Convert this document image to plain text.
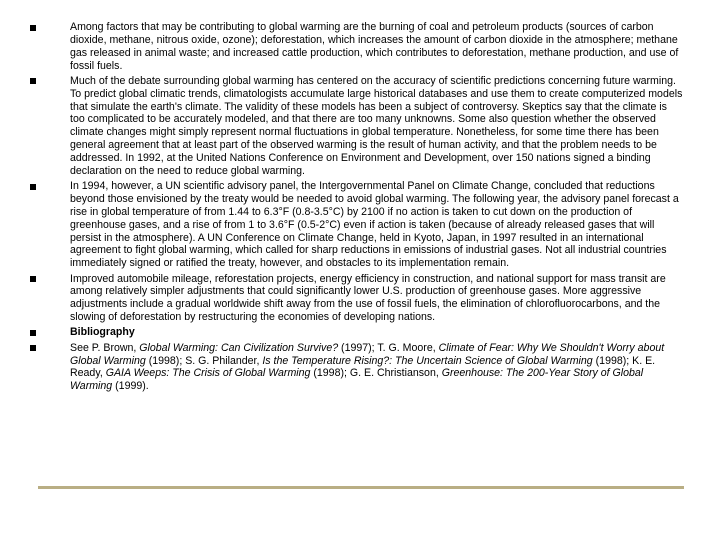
Among factors that may be contributing to global warming are the burning of coal and petroleum products (sources of carbon dioxide, methane, nitrous oxide, ozone); deforestation, which increases the amount of carbon dioxide in the atmosphere; methane gas released in animal waste; and increased cattle production, which contributes to deforestation, methane production, and use of fossil fuels.
Much of the debate surrounding global warming has centered on the accuracy of scientific predictions concerning future warming. To predict global climatic trends, climatologists accumulate large historical databases and use them to create computerized models that simulate the earth's climate. The validity of these models has been a subject of controversy. Skeptics say that the climate is too complicated to be accurately modeled, and that there are too many unknowns. Some also question whether the observed climate changes might simply represent normal fluctuations in global temperature. Nonetheless, for some time there has been general agreement that at least part of the observed warming is the result of human activity, and that the problem needs to be addressed. In 1992, at the United Nations Conference on Environment and Development, over 150 nations signed a binding declaration on the need to reduce global warming.
In 1994, however, a UN scientific advisory panel, the Intergovernmental Panel on Climate Change, concluded that reductions beyond those envisioned by the treaty would be needed to avoid global warming. The following year, the advisory panel forecast a rise in global temperature of from 1.44 to 6.3°F (0.8-3.5°C) by 2100 if no action is taken to cut down on the production of greenhouse gases, and a rise of from 1 to 3.6°F (0.5-2°C) even if action is taken (because of already released gases that will persist in the atmosphere). A UN Conference on Climate Change, held in Kyoto, Japan, in 1997 resulted in an international agreement to fight global warming, which called for sharp reductions in emissions of industrial gases. Not all industrial countries immediately signed or ratified the treaty, however, and obstacles to its implementation remain.
Improved automobile mileage, reforestation projects, energy efficiency in construction, and national support for mass transit are among relatively simpler adjustments that could significantly lower U.S. production of greenhouse gases. More aggressive adjustments include a gradual worldwide shift away from the use of fossil fuels, the elimination of chlorofluorocarbons, and the slowing of deforestation by restructuring the economies of developing nations.
Bibliography
See P. Brown, Global Warming: Can Civilization Survive? (1997); T. G. Moore, Climate of Fear: Why We Shouldn't Worry about Global Warming (1998); S. G. Philander, Is the Temperature Rising?: The Uncertain Science of Global Warming (1998); K. E. Ready, GAIA Weeps: The Crisis of Global Warming (1998); G. E. Christianson, Greenhouse: The 200-Year Story of Global Warming (1999).
